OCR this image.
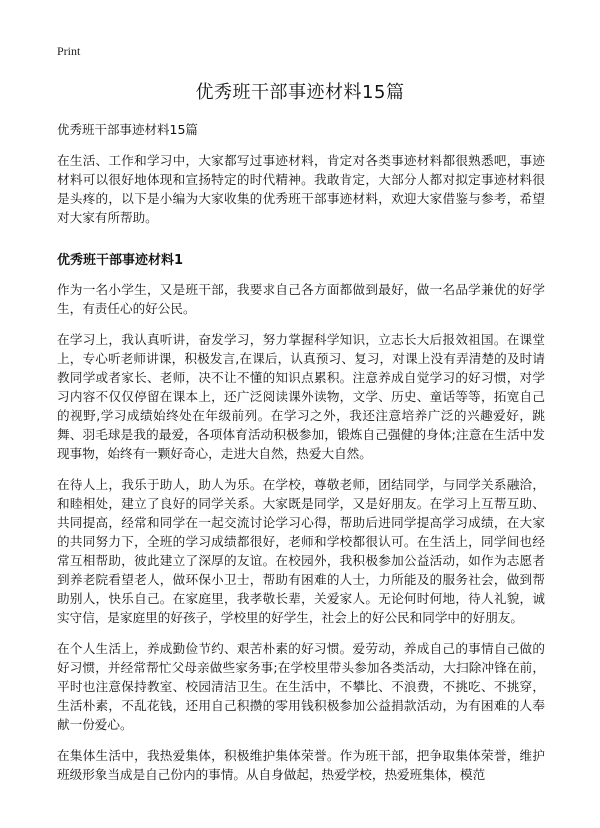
Print
优秀班干部事迹材料15篇
优秀班干部事迹材料15篇

在生活、工作和学习中，大家都写过事迹材料，肯定对各类事迹材料都很熟悉吧，事迹材料可以很好地体现和宣扬特定的时代精神。我敢肯定，大部分人都对拟定事迹材料很是头疼的，以下是小编为大家收集的优秀班干部事迹材料，欢迎大家借鉴与参考，希望对大家有所帮助。

优秀班干部事迹材料1

作为一名小学生，又是班干部，我要求自己各方面都做到最好，做一名品学兼优的好学生，有责任心的好公民。

在学习上，我认真听讲，奋发学习，努力掌握科学知识，立志长大后报效祖国。在课堂上，专心听老师讲课，积极发言,在课后，认真预习、复习，对课上没有弄清楚的及时请教同学或者家长、老师，决不让不懂的知识点累积。注意养成自觉学习的好习惯，对学习内容不仅仅停留在课本上，还广泛阅读课外读物，文学、历史、童话等等，拓宽自己的视野,学习成绩始终处在年级前列。在学习之外，我还注意培养广泛的兴趣爱好，跳舞、羽毛球是我的最爱，各项体育活动积极参加，锻炼自己强健的身体;注意在生活中发现事物，始终有一颗好奇心，走进大自然，热爱大自然。

在待人上，我乐于助人，助人为乐。在学校，尊敬老师，团结同学，与同学关系融洽，和睦相处，建立了良好的同学关系。大家既是同学，又是好朋友。在学习上互帮互助、共同提高，经常和同学在一起交流讨论学习心得，帮助后进同学提高学习成绩，在大家的共同努力下，全班的学习成绩都很好，老师和学校都很认可。在生活上，同学间也经常互相帮助，彼此建立了深厚的友谊。在校园外，我积极参加公益活动，如作为志愿者到养老院看望老人，做环保小卫士，帮助有困难的人士，力所能及的服务社会，做到帮助别人，快乐自己。在家庭里，我孝敬长辈，关爱家人。无论何时何地，待人礼貌，诚实守信，是家庭里的好孩子，学校里的好学生，社会上的好公民和同学中的好朋友。

在个人生活上，养成勤俭节约、艰苦朴素的好习惯。爱劳动，养成自己的事情自己做的好习惯，并经常帮忙父母亲做些家务事;在学校里带头参加各类活动，大扫除冲锋在前，平时也注意保持教室、校园清洁卫生。在生活中，不攀比、不浪费，不挑吃、不挑穿，生活朴素，不乱花钱，还用自己积攒的零用钱积极参加公益捐款活动，为有困难的人奉献一份爱心。

在集体生活中，我热爱集体，积极维护集体荣誉。作为班干部，把争取集体荣誉，维护班级形象当成是自己份内的事情。从自身做起，热爱学校，热爱班集体，模范
